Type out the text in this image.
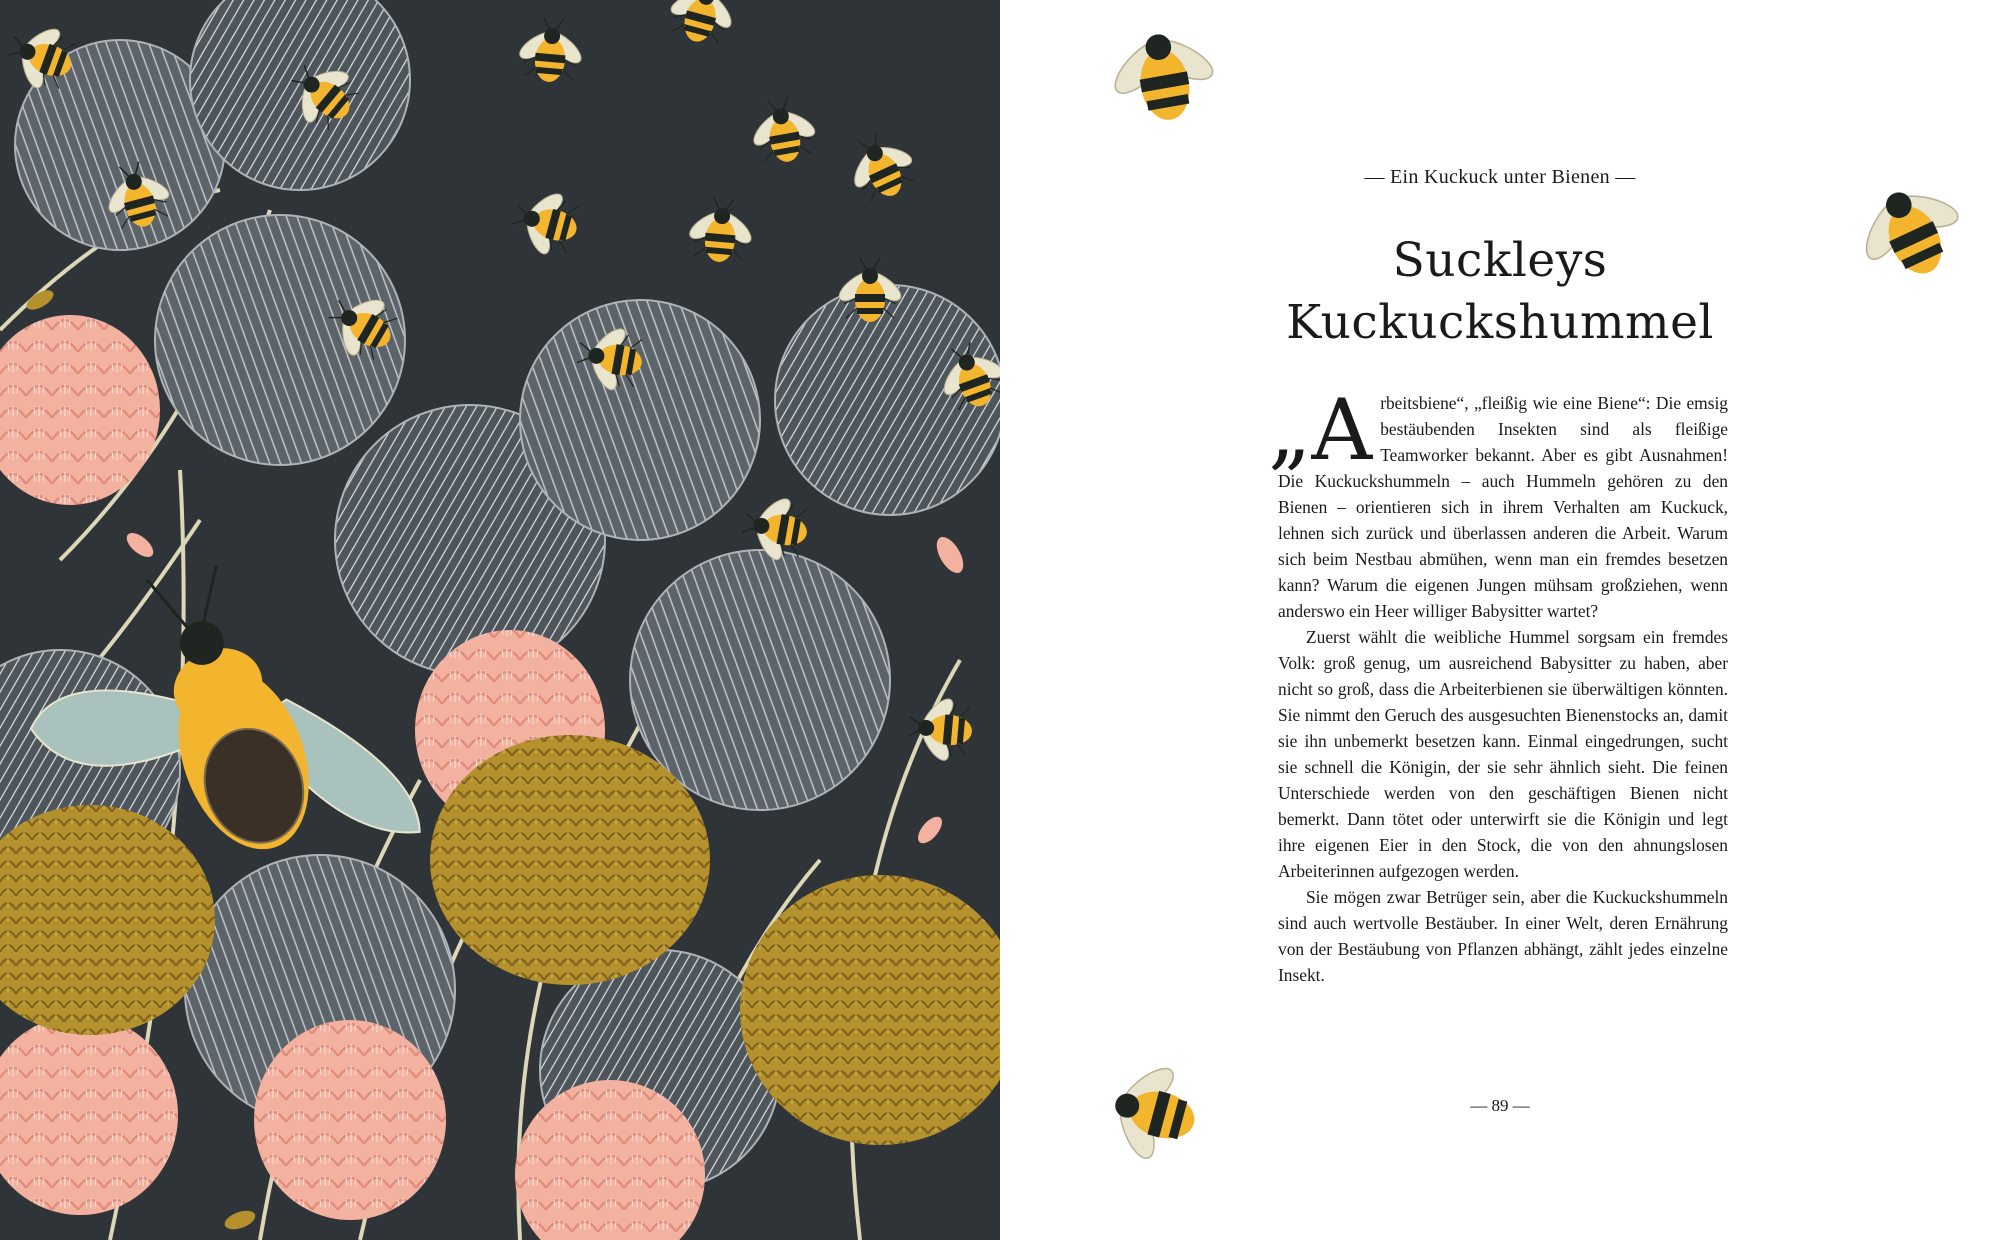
— Ein Kuckuck unter Bienen —
Suckleys
Kuckuckshummel

„Arbeitsbiene“, „fleißig wie eine Biene“: Die emsig bestäubenden Insekten sind als fleißige Teamworker bekannt. Aber es gibt Ausnahmen! Die Kuckuckshummeln – auch Hummeln gehören zu den Bienen – orientieren sich in ihrem Verhalten am Kuckuck, lehnen sich zurück und überlassen anderen die Arbeit. Warum sich beim Nestbau abmühen, wenn man ein fremdes besetzen kann? Warum die eigenen Jungen mühsam großziehen, wenn anderswo ein Heer williger Babysitter wartet?

Zuerst wählt die weibliche Hummel sorgsam ein fremdes Volk: groß genug, um ausreichend Babysitter zu haben, aber nicht so groß, dass die Arbeiterbienen sie überwältigen könnten. Sie nimmt den Geruch des ausgesuchten Bienenstocks an, damit sie ihn unbemerkt besetzen kann. Einmal eingedrungen, sucht sie schnell die Königin, der sie sehr ähnlich sieht. Die feinen Unterschiede werden von den geschäftigen Bienen nicht bemerkt. Dann tötet oder unterwirft sie die Königin und legt ihre eigenen Eier in den Stock, die von den ahnungslosen Arbeiterinnen aufgezogen werden.

Sie mögen zwar Betrüger sein, aber die Kuckuckshummeln sind auch wertvolle Bestäuber. In einer Welt, deren Ernährung von der Bestäubung von Pflanzen abhängt, zählt jedes einzelne Insekt.

— 89 —
